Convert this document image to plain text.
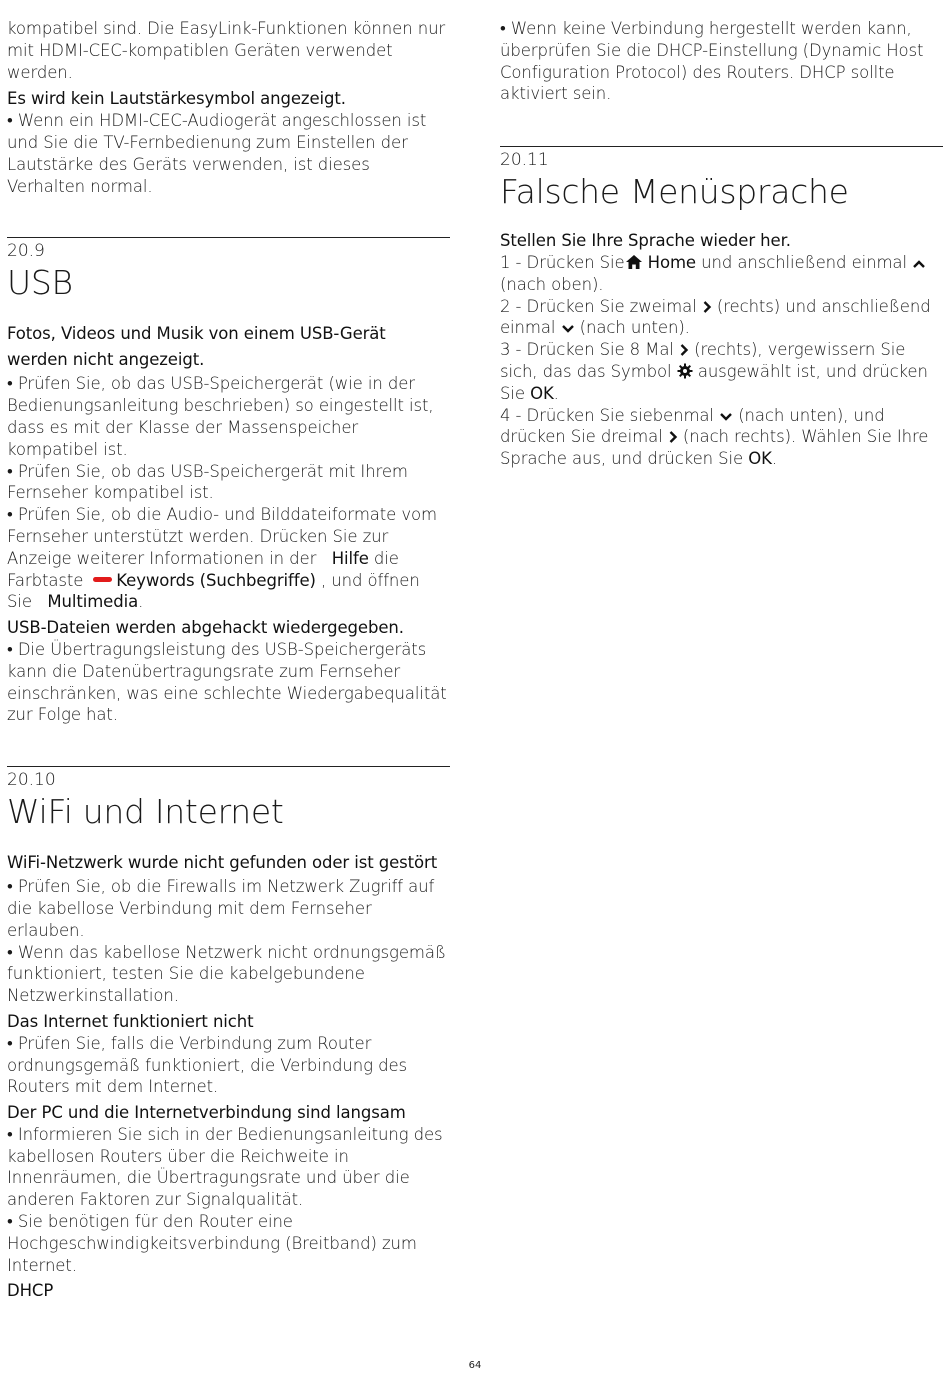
kompatibel sind. Die EasyLink-Funktionen können nur mit HDMI-CEC-kompatiblen Geräten verwendet werden.

Es wird kein Lautstärkesymbol angezeigt.

• Wenn ein HDMI-CEC-Audiogerät angeschlossen ist und Sie die TV-Fernbedienung zum Einstellen der Lautstärke des Geräts verwenden, ist dieses Verhalten normal.

20.9
USB

Fotos, Videos und Musik von einem USB-Gerät werden nicht angezeigt.

• Prüfen Sie, ob das USB-Speichergerät (wie in der Bedienungsanleitung beschrieben) so eingestellt ist, dass es mit der Klasse der Massenspeicher kompatibel ist.

• Prüfen Sie, ob das USB-Speichergerät mit Ihrem Fernseher kompatibel ist.

• Prüfen Sie, ob die Audio- und Bilddateiformate vom Fernseher unterstützt werden. Drücken Sie zur Anzeige weiterer Informationen in der Hilfe die Farbtaste Keywords (Suchbegriffe) , und öffnen Sie Multimedia.

USB-Dateien werden abgehackt wiedergegeben.

• Die Übertragungsleistung des USB-Speichergeräts kann die Datenübertragungsrate zum Fernseher einschränken, was eine schlechte Wiedergabequalität zur Folge hat.

20.10
WiFi und Internet

WiFi-Netzwerk wurde nicht gefunden oder ist gestört

• Prüfen Sie, ob die Firewalls im Netzwerk Zugriff auf die kabellose Verbindung mit dem Fernseher erlauben.

• Wenn das kabellose Netzwerk nicht ordnungsgemäß funktioniert, testen Sie die kabelgebundene Netzwerkinstallation.

Das Internet funktioniert nicht

• Prüfen Sie, falls die Verbindung zum Router ordnungsgemäß funktioniert, die Verbindung des Routers mit dem Internet.

Der PC und die Internetverbindung sind langsam

• Informieren Sie sich in der Bedienungsanleitung des kabellosen Routers über die Reichweite in Innenräumen, die Übertragungsrate und über die anderen Faktoren zur Signalqualität.

• Sie benötigen für den Router eine Hochgeschwindigkeitsverbindung (Breitband) zum Internet.

DHCP

• Wenn keine Verbindung hergestellt werden kann, überprüfen Sie die DHCP-Einstellung (Dynamic Host Configuration Protocol) des Routers. DHCP sollte aktiviert sein.

20.11
Falsche Menüsprache

Stellen Sie Ihre Sprache wieder her.

1 - Drücken Sie Home und anschließend einmal  (nach oben).

2 - Drücken Sie zweimal  (rechts) und anschließend einmal  (nach unten).

3 - Drücken Sie 8 Mal  (rechts), vergewissern Sie sich, das das Symbol  ausgewählt ist, und drücken Sie OK.

4 - Drücken Sie siebenmal  (nach unten), und drücken Sie dreimal  (nach rechts). Wählen Sie Ihre Sprache aus, und drücken Sie OK.

64
